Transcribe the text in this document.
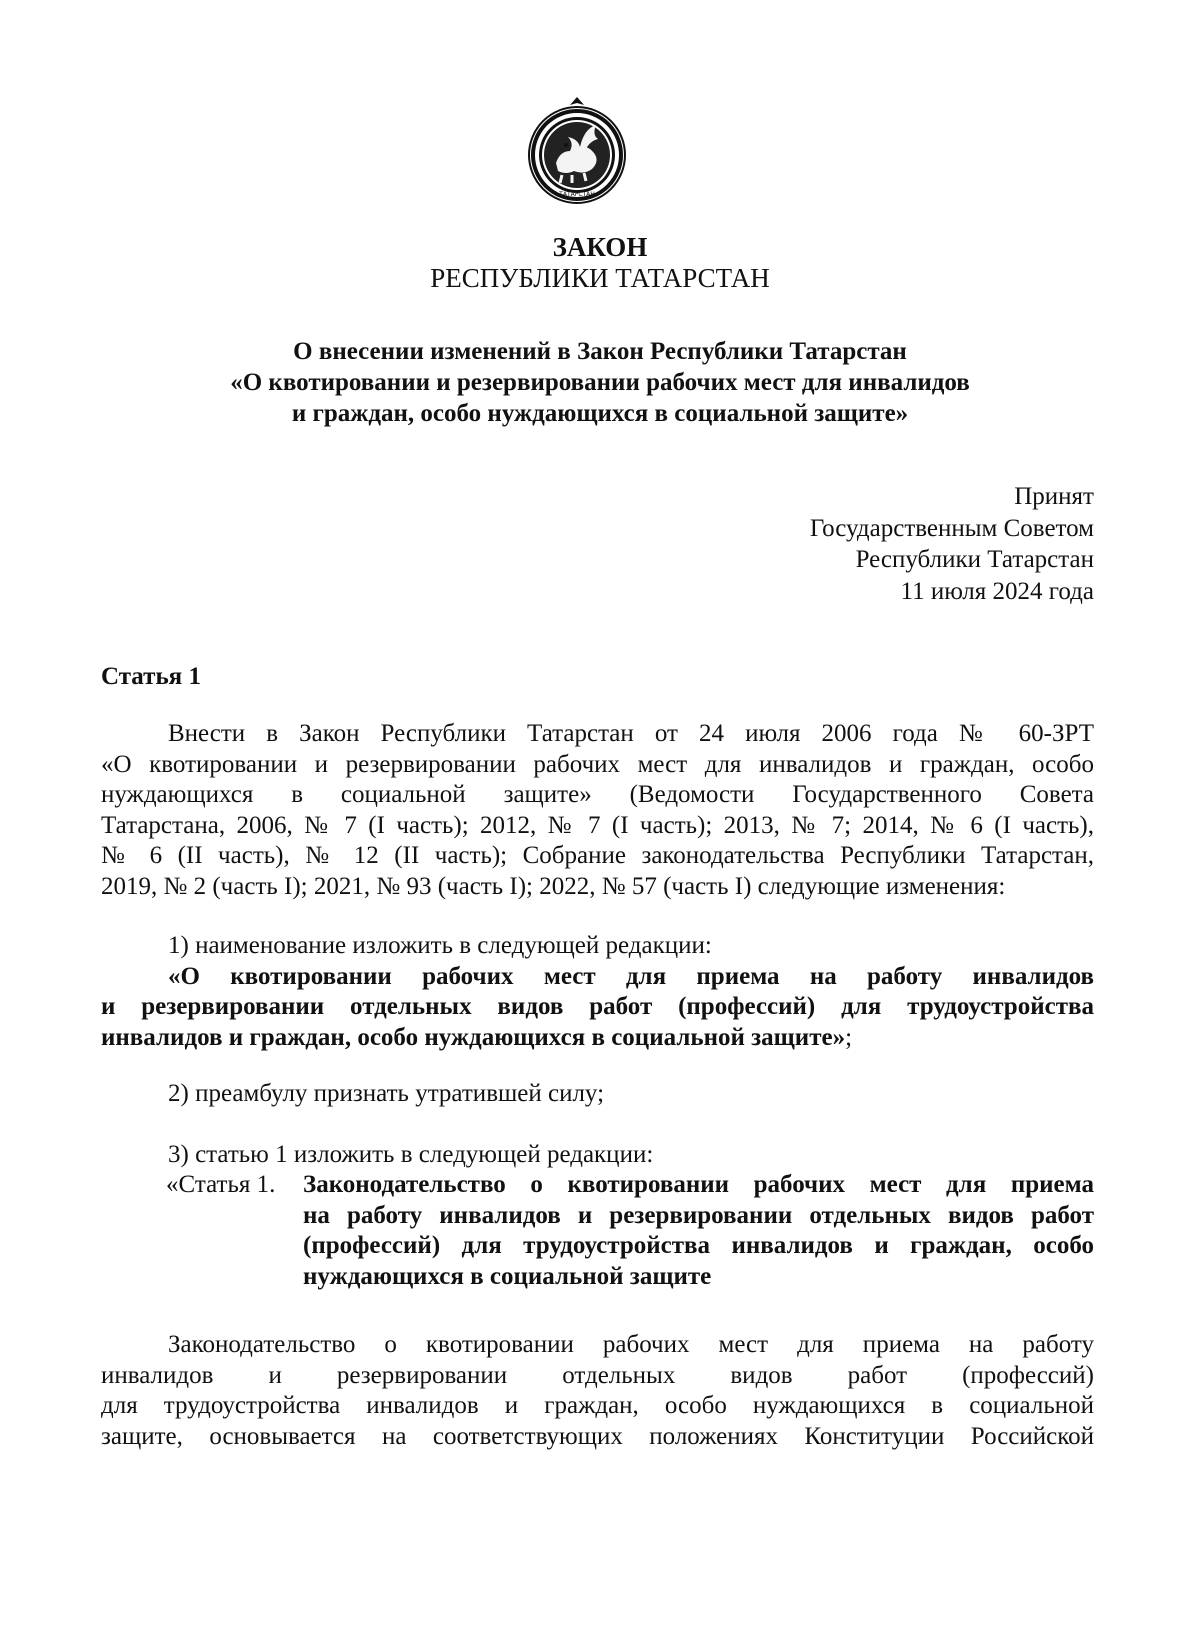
ТАТАРСТАН
ЗАКОН
РЕСПУБЛИКИ ТАТАРСТАН
О внесении изменений в Закон Республики Татарстан
«О квотировании и резервировании рабочих мест для инвалидов
и граждан, особо нуждающихся в социальной защите»
Принят
Государственным Советом
Республики Татарстан
11 июля 2024 года
Статья 1
Внести в Закон Республики Татарстан от 24 июля 2006 года № 60-ЗРТ
«О квотировании и резервировании рабочих мест для инвалидов и граждан, особо
нуждающихся в социальной защите» (Ведомости Государственного Совета
Татарстана, 2006, № 7 (I часть); 2012, № 7 (I часть); 2013, № 7; 2014, № 6 (I часть),
№ 6 (II часть), № 12 (II часть); Собрание законодательства Республики Татарстан,
2019, № 2 (часть I); 2021, № 93 (часть I); 2022, № 57 (часть I) следующие изменения:
1) наименование изложить в следующей редакции:
«О квотировании рабочих мест для приема на работу инвалидов
и резервировании отдельных видов работ (профессий) для трудоустройства
инвалидов и граждан, особо нуждающихся в социальной защите»;
2) преамбулу признать утратившей силу;
3) статью 1 изложить в следующей редакции:
«Статья 1. Законодательство о квотировании рабочих мест для приема
на работу инвалидов и резервировании отдельных видов работ
(профессий) для трудоустройства инвалидов и граждан, особо
нуждающихся в социальной защите
Законодательство о квотировании рабочих мест для приема на работу
инвалидов и резервировании отдельных видов работ (профессий)
для трудоустройства инвалидов и граждан, особо нуждающихся в социальной
защите, основывается на соответствующих положениях Конституции Российской
